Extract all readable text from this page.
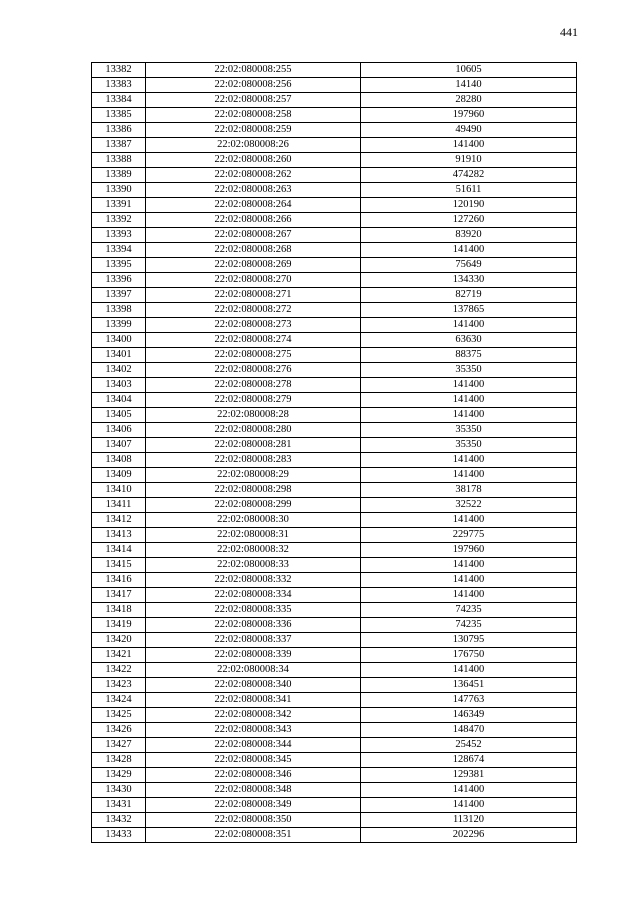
441
13382	22:02:080008:255	10605
13383	22:02:080008:256	14140
13384	22:02:080008:257	28280
13385	22:02:080008:258	197960
13386	22:02:080008:259	49490
13387	22:02:080008:26	141400
13388	22:02:080008:260	91910
13389	22:02:080008:262	474282
13390	22:02:080008:263	51611
13391	22:02:080008:264	120190
13392	22:02:080008:266	127260
13393	22:02:080008:267	83920
13394	22:02:080008:268	141400
13395	22:02:080008:269	75649
13396	22:02:080008:270	134330
13397	22:02:080008:271	82719
13398	22:02:080008:272	137865
13399	22:02:080008:273	141400
13400	22:02:080008:274	63630
13401	22:02:080008:275	88375
13402	22:02:080008:276	35350
13403	22:02:080008:278	141400
13404	22:02:080008:279	141400
13405	22:02:080008:28	141400
13406	22:02:080008:280	35350
13407	22:02:080008:281	35350
13408	22:02:080008:283	141400
13409	22:02:080008:29	141400
13410	22:02:080008:298	38178
13411	22:02:080008:299	32522
13412	22:02:080008:30	141400
13413	22:02:080008:31	229775
13414	22:02:080008:32	197960
13415	22:02:080008:33	141400
13416	22:02:080008:332	141400
13417	22:02:080008:334	141400
13418	22:02:080008:335	74235
13419	22:02:080008:336	74235
13420	22:02:080008:337	130795
13421	22:02:080008:339	176750
13422	22:02:080008:34	141400
13423	22:02:080008:340	136451
13424	22:02:080008:341	147763
13425	22:02:080008:342	146349
13426	22:02:080008:343	148470
13427	22:02:080008:344	25452
13428	22:02:080008:345	128674
13429	22:02:080008:346	129381
13430	22:02:080008:348	141400
13431	22:02:080008:349	141400
13432	22:02:080008:350	113120
13433	22:02:080008:351	202296
